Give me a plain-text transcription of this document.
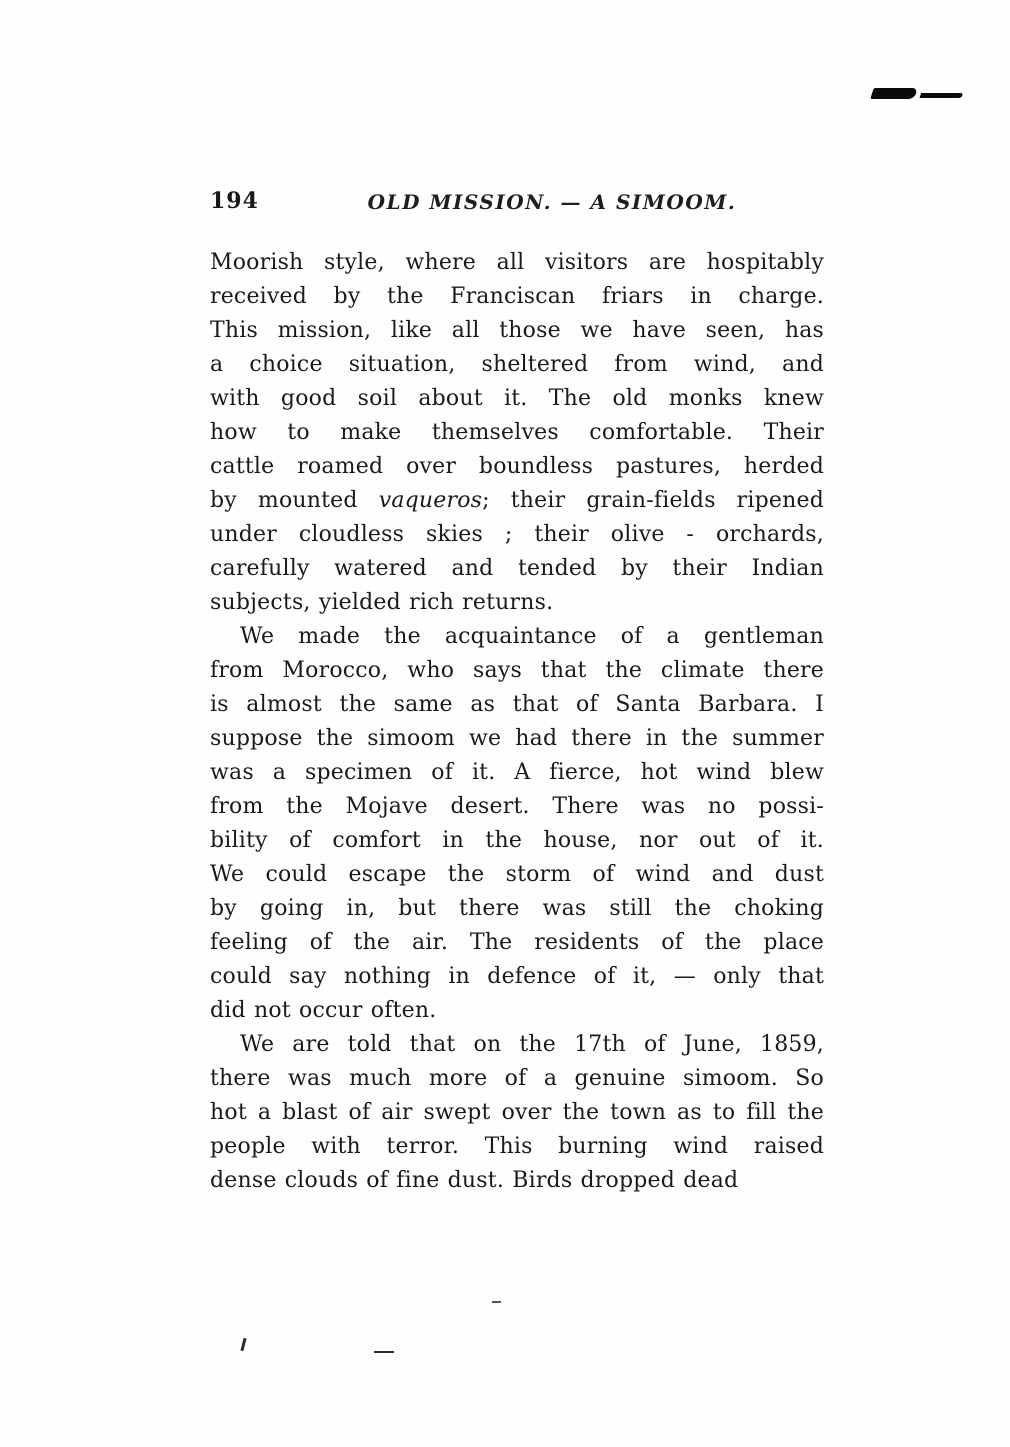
194	OLD MISSION. — A SIMOOM.
Moorish style, where all visitors are hospitably
received by the Franciscan friars in charge.
This mission, like all those we have seen, has
a choice situation, sheltered from wind, and
with good soil about it. The old monks knew
how to make themselves comfortable. Their
cattle roamed over boundless pastures, herded
by mounted vaqueros; their grain-fields ripened
under cloudless skies ; their olive - orchards,
carefully watered and tended by their Indian
subjects, yielded rich returns.
We made the acquaintance of a gentleman
from Morocco, who says that the climate there
is almost the same as that of Santa Barbara. I
suppose the simoom we had there in the summer
was a specimen of it. A fierce, hot wind blew
from the Mojave desert. There was no possi-
bility of comfort in the house, nor out of it.
We could escape the storm of wind and dust
by going in, but there was still the choking
feeling of the air. The residents of the place
could say nothing in defence of it, — only that
did not occur often.
We are told that on the 17th of June, 1859,
there was much more of a genuine simoom. So
hot a blast of air swept over the town as to fill the
people with terror. This burning wind raised
dense clouds of fine dust. Birds dropped dead
